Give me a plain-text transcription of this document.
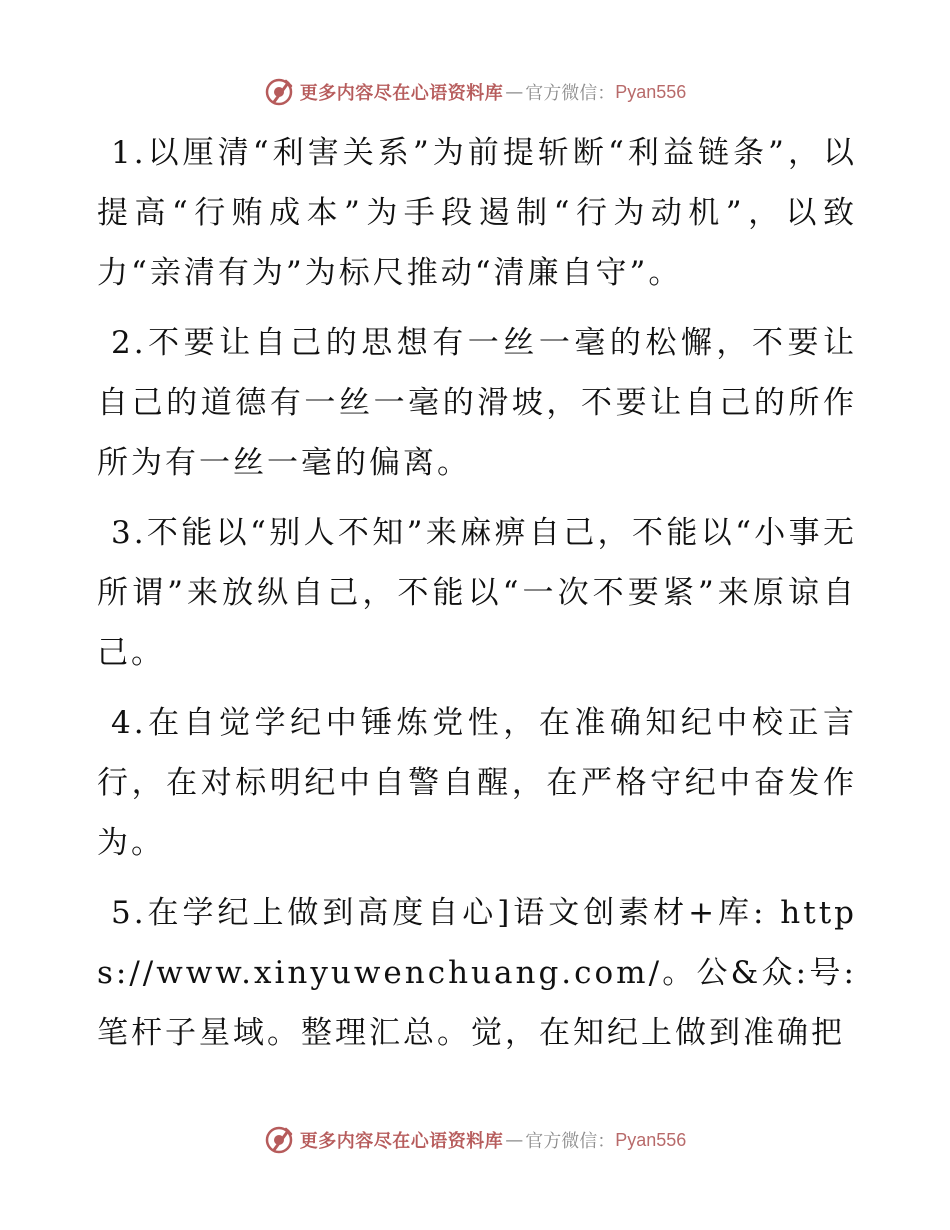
更多内容尽在心语资料库 — 官方微信： Pyan556

1.以厘清“利害关系”为前提斩断“利益链条”，以提高“行贿成本”为手段遏制“行为动机”，以致力“亲清有为”为标尺推动“清廉自守”。

2.不要让自己的思想有一丝一毫的松懈，不要让自己的道德有一丝一毫的滑坡，不要让自己的所作所为有一丝一毫的偏离。

3.不能以“别人不知”来麻痹自己，不能以“小事无所谓”来放纵自己，不能以“一次不要紧”来原谅自己。

4.在自觉学纪中锤炼党性，在准确知纪中校正言行，在对标明纪中自警自醒，在严格守纪中奋发作为。

5.在学纪上做到高度自心]语文创素材+库: https://www.xinyuwenchuang.com/。公&众:号:笔杆子星域。整理汇总。觉，在知纪上做到准确把

更多内容尽在心语资料库 — 官方微信： Pyan556
